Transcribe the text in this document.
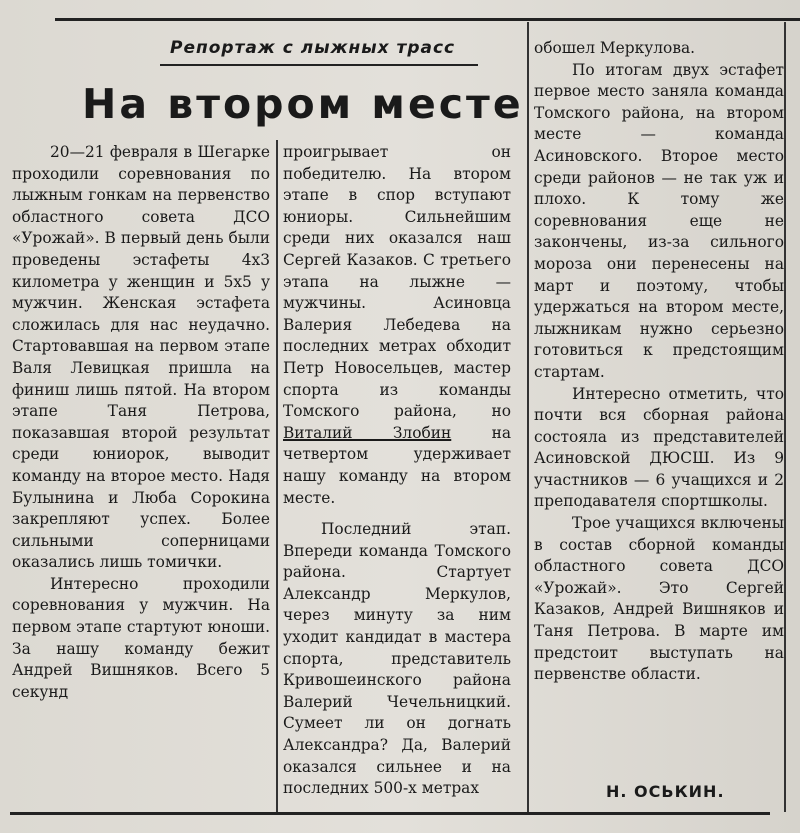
Репортаж с лыжных трасс
На втором месте

20—21 февраля в Шегарке проходили соревнования по лыжным гонкам на первенство областного совета ДСО «Урожай». В первый день были проведены эстафеты 4х3 километра у женщин и 5х5 у мужчин. Женская эстафета сложилась для нас неудачно. Стартовавшая на первом этапе Валя Левицкая пришла на финиш лишь пятой. На втором этапе Таня Петрова, показавшая второй результат среди юниорок, выводит команду на второе место. Надя Булынина и Люба Сорокина закрепляют успех. Более сильными соперницами оказались лишь томички.

Интересно проходили соревнования у мужчин. На первом этапе стартуют юноши. За нашу команду бежит Андрей Вишняков. Всего 5 секунд

проигрывает он победителю. На втором этапе в спор вступают юниоры. Сильнейшим среди них оказался наш Сергей Казаков. С третьего этапа на лыжне — мужчины. Асиновца Валерия Лебедева на последних метрах обходит Петр Новосельцев, мастер спорта из команды Томского района, но Виталий Злобин	на четвертом удерживает нашу команду на втором месте.

Последний этап. Впереди команда Томского района. Стартует Александр Меркулов, через минуту за ним уходит кандидат в мастера спорта, представитель Кривошеинского района Валерий Чечельницкий. Сумеет ли он догнать Александра? Да, Валерий оказался сильнее и на последних 500-х метрах

обошел Меркулова.

По итогам двух эстафет первое место заняла команда Томского района, на втором месте — команда Асиновского. Второе место среди районов — не так уж и плохо. К тому же соревнования еще не закончены, из-за сильного мороза они перенесены на март и поэтому, чтобы удержаться на втором месте, лыжникам нужно серьезно готовиться к предстоящим стартам.

Интересно отметить, что почти вся сборная района состояла из представителей Асиновской ДЮСШ. Из 9 участников — 6 учащихся и 2 преподавателя спортшколы.

Трое учащихся включены в состав сборной команды областного совета ДСО «Урожай». Это Сергей Казаков, Андрей Вишняков и Таня Петрова. В марте им предстоит выступать на первенстве области.

Н. ОСЬКИН.
